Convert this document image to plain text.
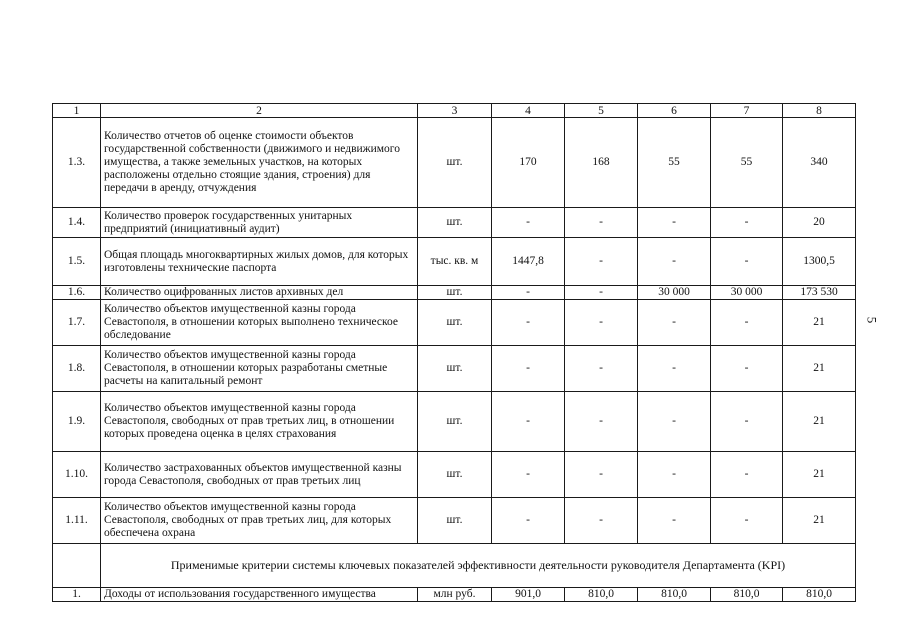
5
1	2	3	4	5	6	7	8
1.3.	Количество отчетов об оценке стоимости объектов государственной собственности (движимого и недвижимого имущества, а также земельных участков, на которых расположены отдельно стоящие здания, строения) для передачи в аренду, отчуждения	шт.	170	168	55	55	340
1.4.	Количество проверок государственных унитарных предприятий (инициативный аудит)	шт.	-	-	-	-	20
1.5.	Общая площадь многоквартирных жилых домов, для которых изготовлены технические паспорта	тыс. кв. м	1447,8	-	-	-	1300,5
1.6.	Количество оцифрованных листов архивных дел	шт.	-	-	30 000	30 000	173 530
1.7.	Количество объектов имущественной казны города Севастополя, в отношении которых выполнено техническое обследование	шт.	-	-	-	-	21
1.8.	Количество объектов имущественной казны города Севастополя, в отношении которых разработаны сметные расчеты на капитальный ремонт	шт.	-	-	-	-	21
1.9.	Количество объектов имущественной казны города Севастополя, свободных от прав третьих лиц, в отношении которых проведена оценка в целях страхования	шт.	-	-	-	-	21
1.10.	Количество застрахованных объектов имущественной казны города Севастополя, свободных от прав третьих лиц	шт.	-	-	-	-	21
1.11.	Количество объектов имущественной казны города Севастополя, свободных от прав третьих лиц, для которых обеспечена охрана	шт.	-	-	-	-	21
	Применимые критерии системы ключевых показателей эффективности деятельности руководителя Департамента (KPI)						
1.	Доходы от использования государственного имущества	млн руб.	901,0	810,0	810,0	810,0	810,0
